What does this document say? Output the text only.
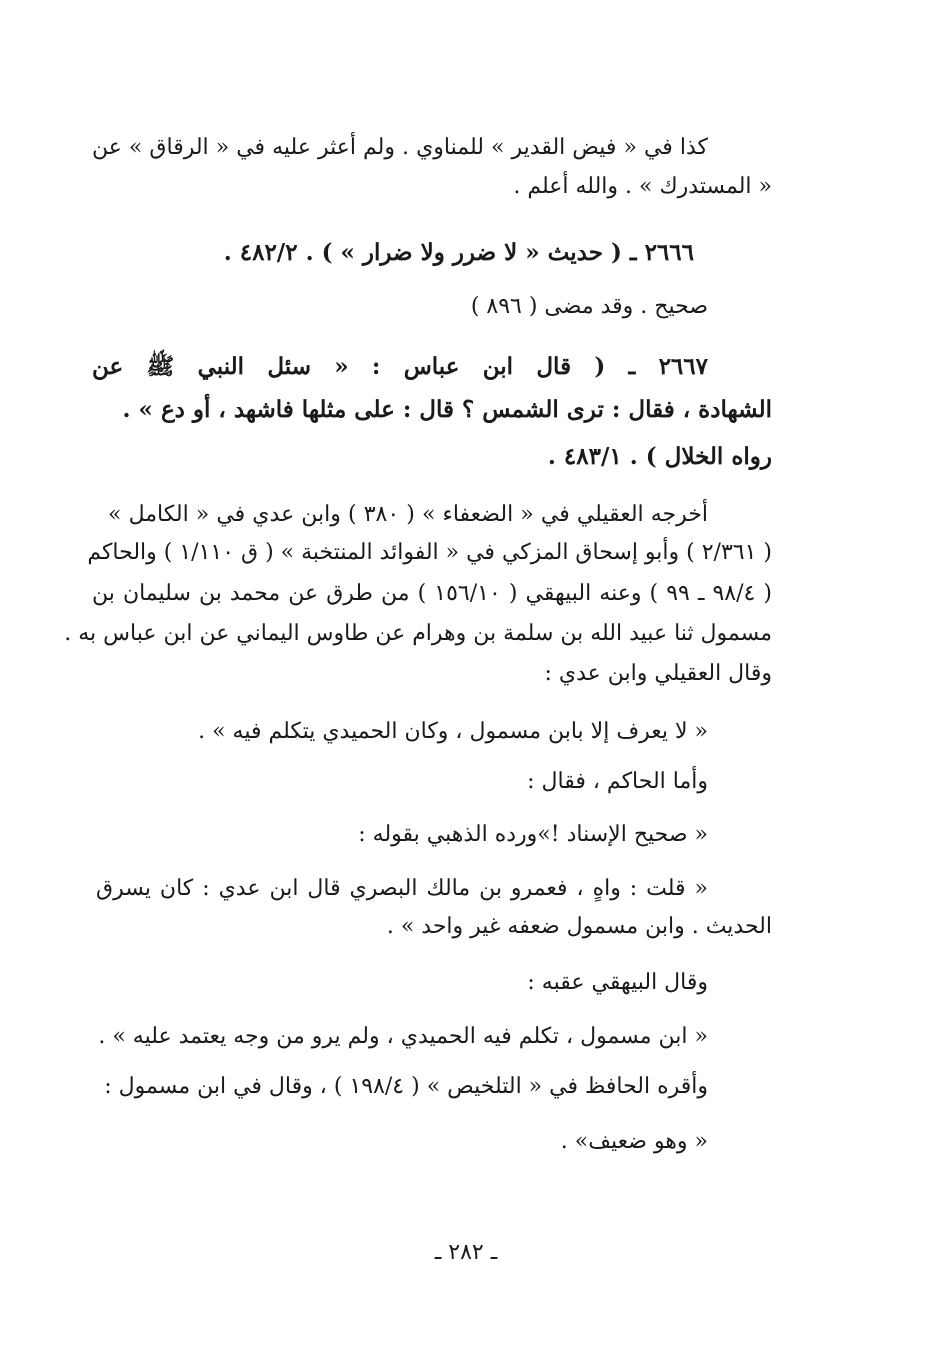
كذا في « فيض القدير » للمناوي . ولم أعثر عليه في « الرقاق » عن
« المستدرك » . والله أعلم .
٢٦٦٦ ـ ( حديث « لا ضرر ولا ضرار » ) . ٤٨٢/٢ .
صحيح . وقد مضى ( ٨٩٦ )
٢٦٦٧ ـ ( قال ابن عباس : « سئل النبي ﷺ عن
الشهادة ، فقال : ترى الشمس ؟ قال : على مثلها فاشهد ، أو دع » .
رواه الخلال ) . ٤٨٣/١ .
أخرجه العقيلي في « الضعفاء » ( ٣٨٠ ) وابن عدي في « الكامل »
( ٢/٣٦١ ) وأبو إسحاق المزكي في « الفوائد المنتخبة » ( ق ١/١١٠ ) والحاكم
( ٩٨/٤ ـ ٩٩ ) وعنه البيهقي ( ١٥٦/١٠ ) من طرق عن محمد بن سليمان بن
مسمول ثنا عبيد الله بن سلمة بن وهرام عن طاوس اليماني عن ابن عباس به .
وقال العقيلي وابن عدي :
« لا يعرف إلا بابن مسمول ، وكان الحميدي يتكلم فيه » .
وأما الحاكم ، فقال :
« صحيح الإسناد !»ورده الذهبي بقوله :
« قلت : واهٍ ، فعمرو بن مالك البصري قال ابن عدي : كان يسرق
الحديث . وابن مسمول ضعفه غير واحد » .
وقال البيهقي عقبه :
« ابن مسمول ، تكلم فيه الحميدي ، ولم يرو من وجه يعتمد عليه » .
وأقره الحافظ في « التلخيص » ( ١٩٨/٤ ) ، وقال في ابن مسمول :
« وهو ضعيف» .
ـ ٢٨٢ ـ
